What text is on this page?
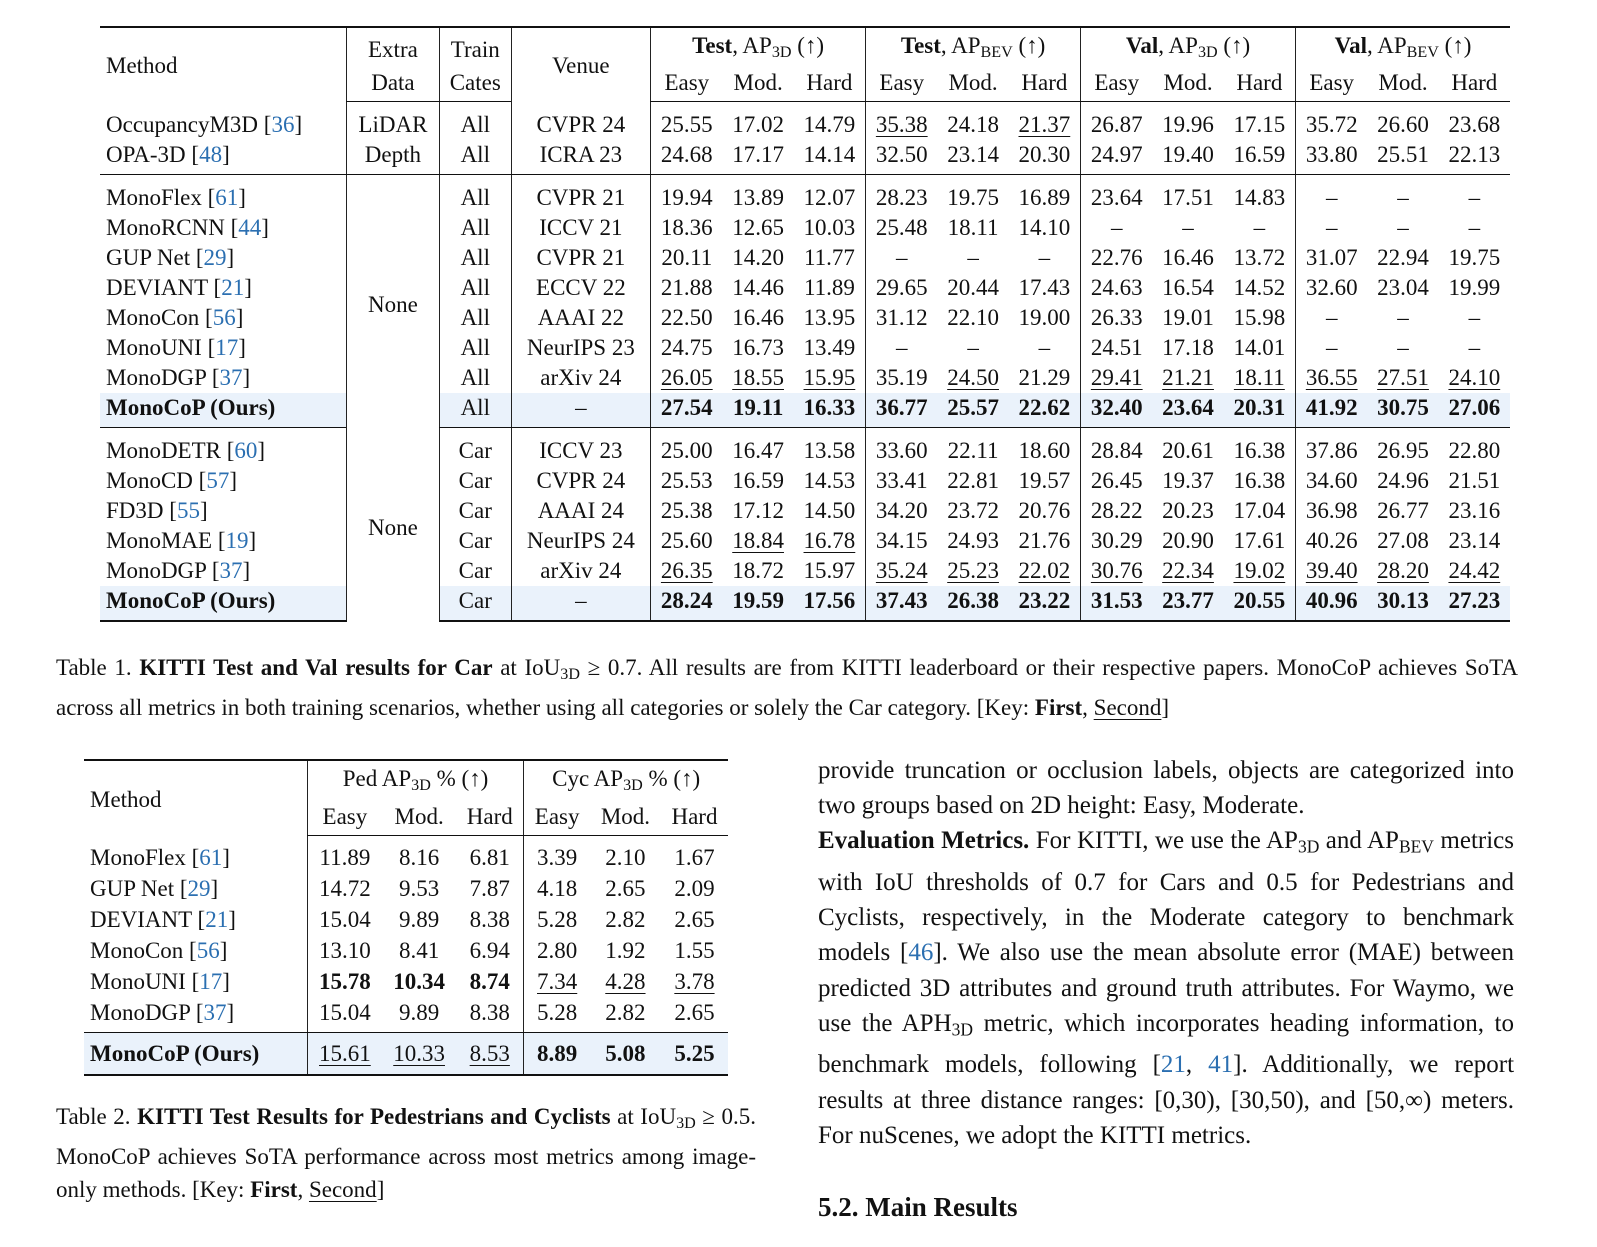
Method	Extra	Train	Venue	Test, $AP_{3D}$ (↑)			Test, $AP_{BEV}$ (↑)			Val, $AP_{3D}$ (↑)			Val, $AP_{BEV}$ (↑)		
	Data	Cates		Easy	Mod.	Hard	Easy	Mod.	Hard	Easy	Mod.	Hard	Easy	Mod.	Hard
OccupancyM3D [36]	LiDAR	All	CVPR 24	25.55	17.02	14.79	35.38	24.18	21.37	26.87	19.96	17.15	35.72	26.60	23.68
OPA-3D [48]	Depth	All	ICRA 23	24.68	17.17	14.14	32.50	23.14	20.30	24.97	19.40	16.59	33.80	25.51	22.13
MonoFlex [61]	None	All	CVPR 21	19.94	13.89	12.07	28.23	19.75	16.89	23.64	17.51	14.83	–	–	–
MonoRCNN [44]		All	ICCV 21	18.36	12.65	10.03	25.48	18.11	14.10	–	–	–	–	–	–
GUP Net [29]		All	CVPR 21	20.11	14.20	11.77	–	–	–	22.76	16.46	13.72	31.07	22.94	19.75
DEVIANT [21]		All	ECCV 22	21.88	14.46	11.89	29.65	20.44	17.43	24.63	16.54	14.52	32.60	23.04	19.99
MonoCon [56]		All	AAAI 22	22.50	16.46	13.95	31.12	22.10	19.00	26.33	19.01	15.98	–	–	–
MonoUNI [17]		All	NeurIPS 23	24.75	16.73	13.49	–	–	–	24.51	17.18	14.01	–	–	–
MonoDGP [37]		All	arXiv 24	26.05	18.55	15.95	35.19	24.50	21.29	29.41	21.21	18.11	36.55	27.51	24.10
MonoCoP (Ours)		All	–	27.54	19.11	16.33	36.77	25.57	22.62	32.40	23.64	20.31	41.92	30.75	27.06
MonoDETR [60]	None	Car	ICCV 23	25.00	16.47	13.58	33.60	22.11	18.60	28.84	20.61	16.38	37.86	26.95	22.80
MonoCD [57]		Car	CVPR 24	25.53	16.59	14.53	33.41	22.81	19.57	26.45	19.37	16.38	34.60	24.96	21.51
FD3D [55]		Car	AAAI 24	25.38	17.12	14.50	34.20	23.72	20.76	28.22	20.23	17.04	36.98	26.77	23.16
MonoMAE [19]		Car	NeurIPS 24	25.60	18.84	16.78	34.15	24.93	21.76	30.29	20.90	17.61	40.26	27.08	23.14
MonoDGP [37]		Car	arXiv 24	26.35	18.72	15.97	35.24	25.23	22.02	30.76	22.34	19.02	39.40	28.20	24.42
MonoCoP (Ours)		Car	–	28.24	19.59	17.56	37.43	26.38	23.22	31.53	23.77	20.55	40.96	30.13	27.23
Table 1. KITTI Test and Val results for Car at IoU$_{3D}$ ≥ 0.7. All results are from KITTI leaderboard or their respective papers. MonoCoP achieves SoTA across all metrics in both training scenarios, whether using all categories or solely the Car category. [Key: First, Second]
Method	Ped $AP_{3D}$ % (↑)			Cyc $AP_{3D}$ % (↑)		
	Easy	Mod.	Hard	Easy	Mod.	Hard
MonoFlex [61]	11.89	8.16	6.81	3.39	2.10	1.67
GUP Net [29]	14.72	9.53	7.87	4.18	2.65	2.09
DEVIANT [21]	15.04	9.89	8.38	5.28	2.82	2.65
MonoCon [56]	13.10	8.41	6.94	2.80	1.92	1.55
MonoUNI [17]	15.78	10.34	8.74	7.34	4.28	3.78
MonoDGP [37]	15.04	9.89	8.38	5.28	2.82	2.65
MonoCoP (Ours)	15.61	10.33	8.53	8.89	5.08	5.25
Table 2. KITTI Test Results for Pedestrians and Cyclists at IoU$_{3D}$ ≥ 0.5. MonoCoP achieves SoTA performance across most metrics among image-only methods. [Key: First, Second]

provide truncation or occlusion labels, objects are categorized into two groups based on 2D height: Easy, Moderate.

Evaluation Metrics. For KITTI, we use the $AP_{3D}$ and $AP_{BEV}$ metrics with IoU thresholds of 0.7 for Cars and 0.5 for Pedestrians and Cyclists, respectively, in the Moderate category to benchmark models [46]. We also use the mean absolute error (MAE) between predicted 3D attributes and ground truth attributes. For Waymo, we use the $APH_{3D}$ metric, which incorporates heading information, to benchmark models, following [21, 41]. Additionally, we report results at three distance ranges: [0,30), [30,50), and [50,∞) meters. For nuScenes, we adopt the KITTI metrics.

5.2. Main Results
